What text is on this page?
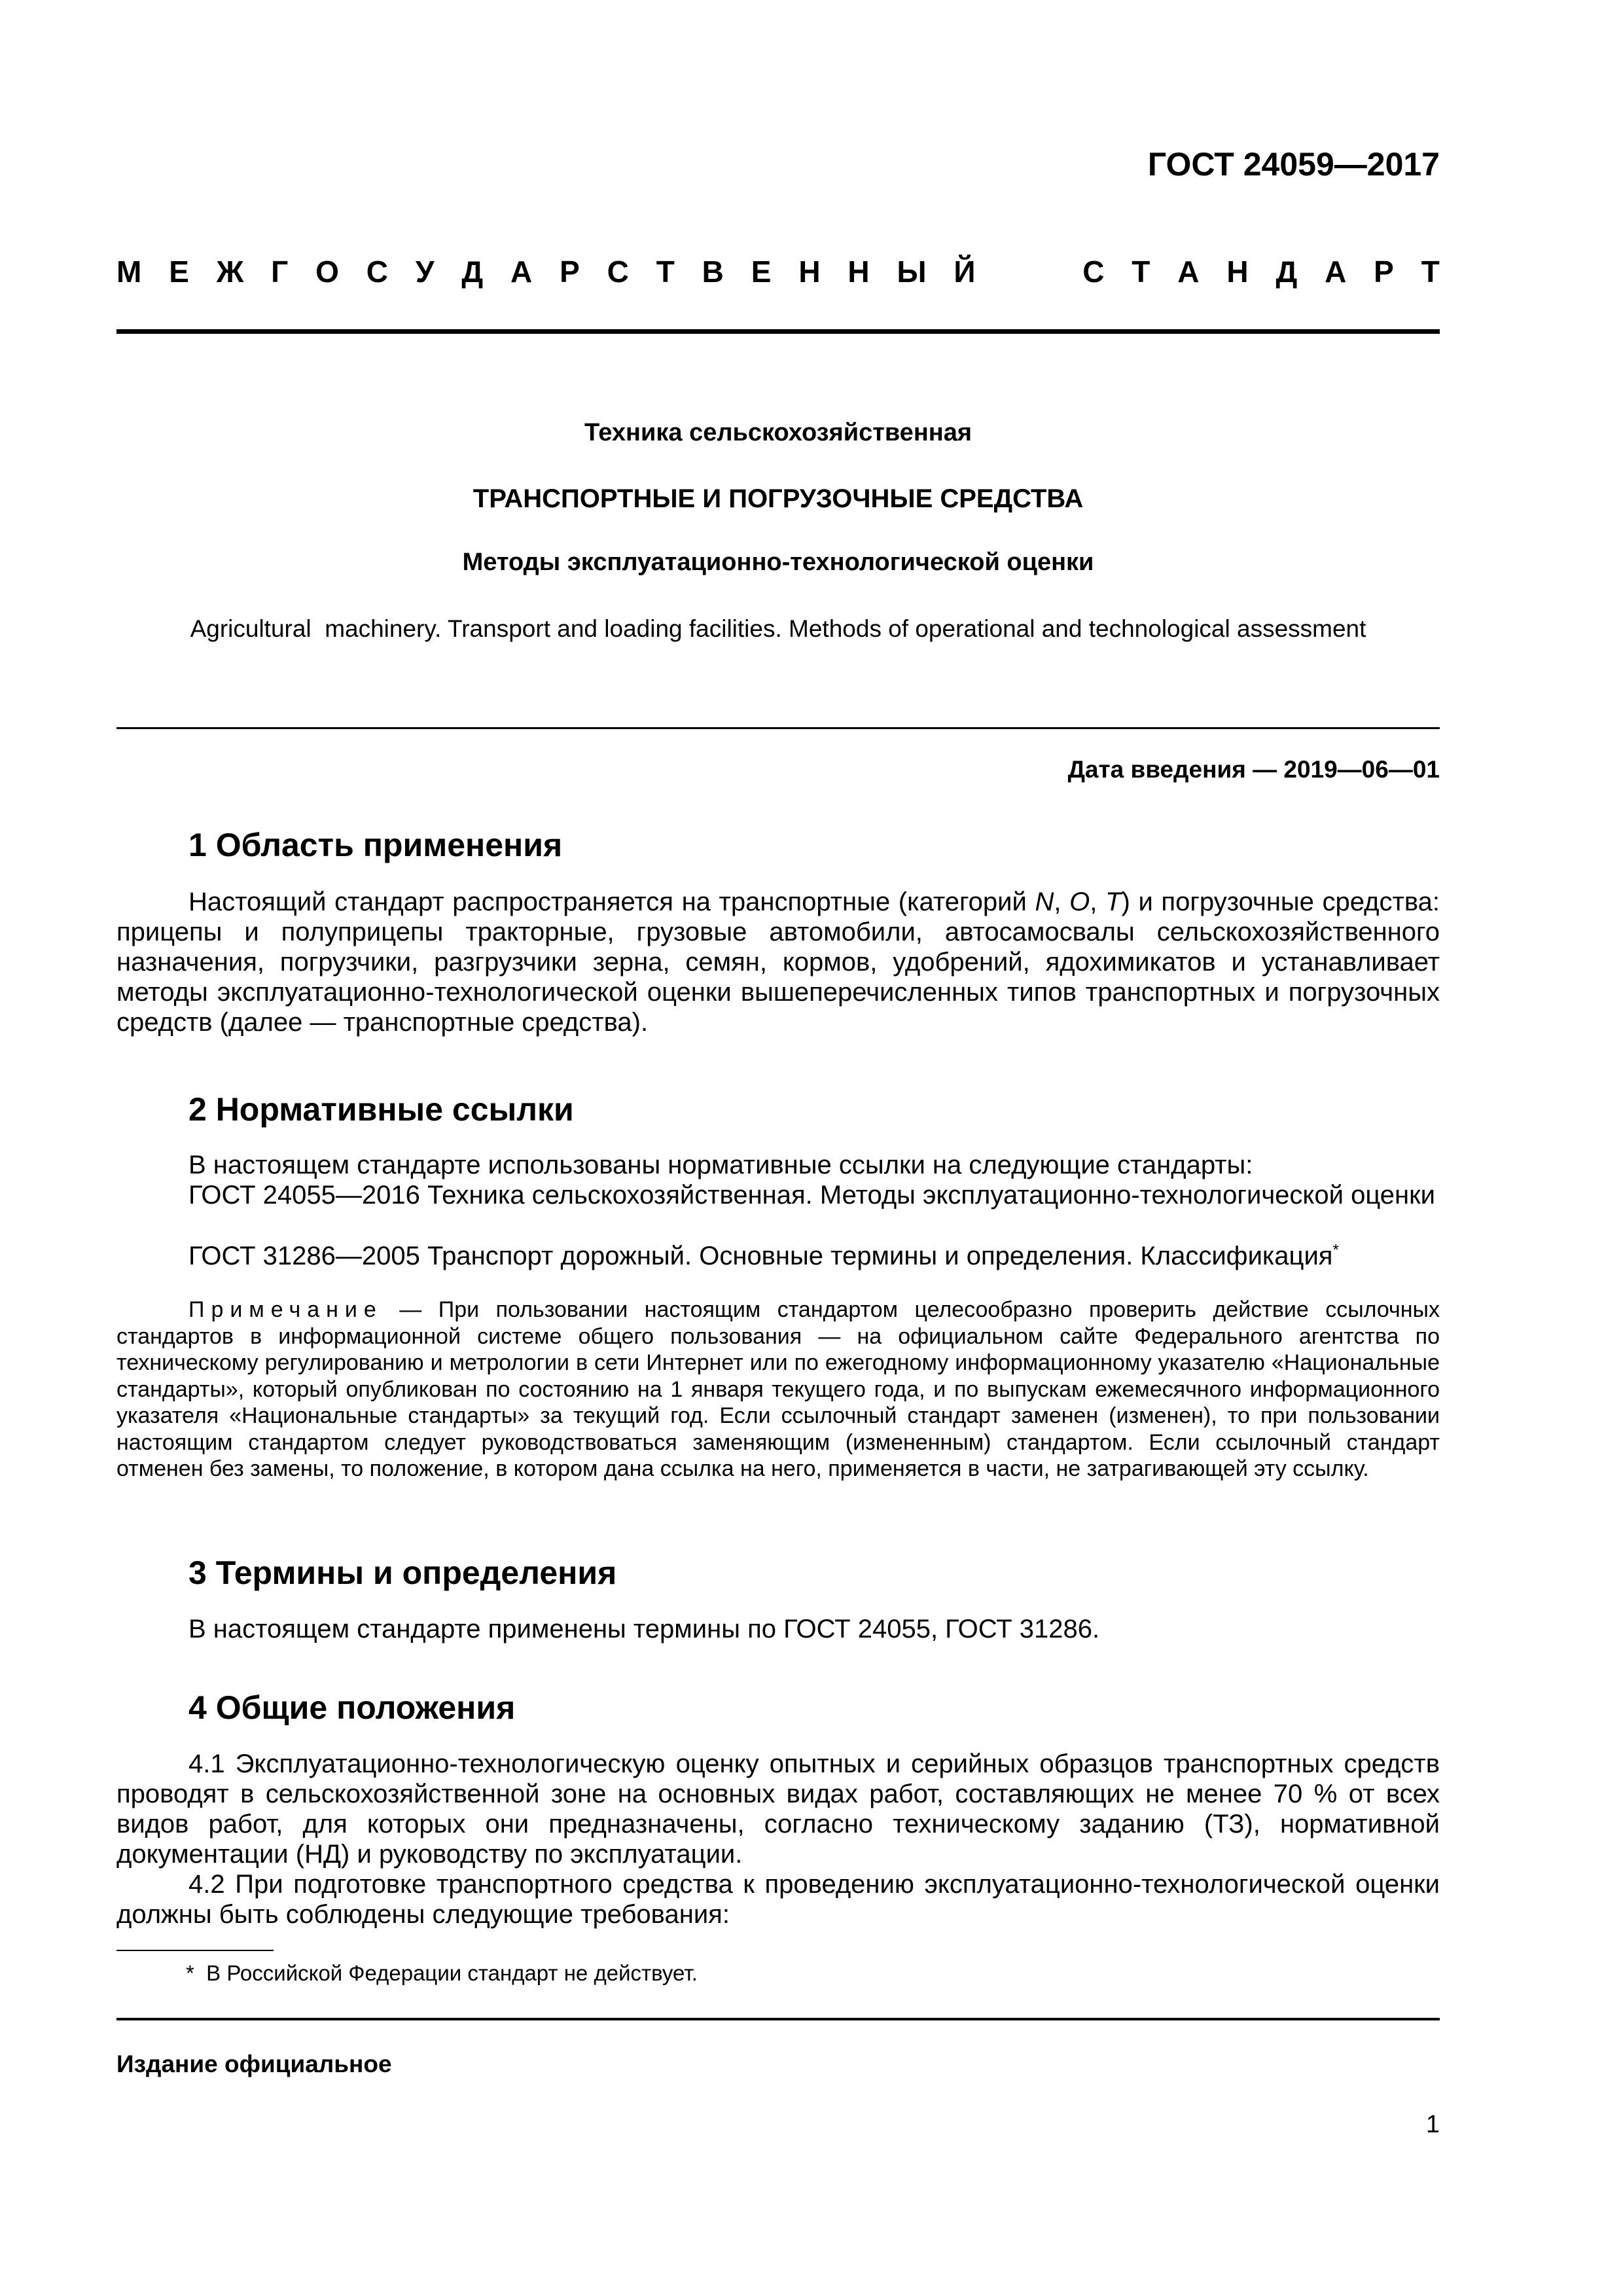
ГОСТ 24059—2017
М Е Ж Г О С У Д А Р С Т В Е Н Н Ы Й	С Т А Н Д А Р Т
Техника сельскохозяйственная
ТРАНСПОРТНЫЕ И ПОГРУЗОЧНЫЕ СРЕДСТВА
Методы эксплуатационно-технологической оценки
Agricultural  machinery. Transport and loading facilities. Methods of operational and technological assessment
Дата введения — 2019—06—01
1 Область применения

Настоящий стандарт распространяется на транспортные (категорий N, O, T) и погрузочные средства: прицепы и полуприцепы тракторные, грузовые автомобили, автосамосвалы сельскохозяйственного назначения, погрузчики, разгрузчики зерна, семян, кормов, удобрений, ядохимикатов и устанавливает методы эксплуатационно-технологической оценки вышеперечисленных типов транспортных и погрузочных средств (далее — транспортные средства).

2 Нормативные ссылки

В настоящем стандарте использованы нормативные ссылки на следующие стандарты:

ГОСТ 24055—2016 Техника сельскохозяйственная. Методы эксплуатационно-технологической оценки

ГОСТ 31286—2005 Транспорт дорожный. Основные термины и определения. Классификация*

Примечание — При пользовании настоящим стандартом целесообразно проверить действие ссылочных стандартов в информационной системе общего пользования — на официальном сайте Федерального агентства по техническому регулированию и метрологии в сети Интернет или по ежегодному информационному указателю «Национальные стандарты», который опубликован по состоянию на 1 января текущего года, и по выпускам ежемесячного информационного указателя «Национальные стандарты» за текущий год. Если ссылочный стандарт заменен (изменен), то при пользовании настоящим стандартом следует руководствоваться заменяющим (измененным) стандартом. Если ссылочный стандарт отменен без замены, то положение, в котором дана ссылка на него, применяется в части, не затрагивающей эту ссылку.

3 Термины и определения

В настоящем стандарте применены термины по ГОСТ 24055, ГОСТ 31286.

4 Общие положения

4.1 Эксплуатационно-технологическую оценку опытных и серийных образцов транспортных средств проводят в сельскохозяйственной зоне на основных видах работ, составляющих не менее 70 % от всех видов работ, для которых они предназначены, согласно техническому заданию (ТЗ), нормативной документации (НД) и руководству по эксплуатации.

4.2 При подготовке транспортного средства к проведению эксплуатационно-технологической оценки должны быть соблюдены следующие требования:

*  В Российской Федерации стандарт не действует.
Издание официальное
1
